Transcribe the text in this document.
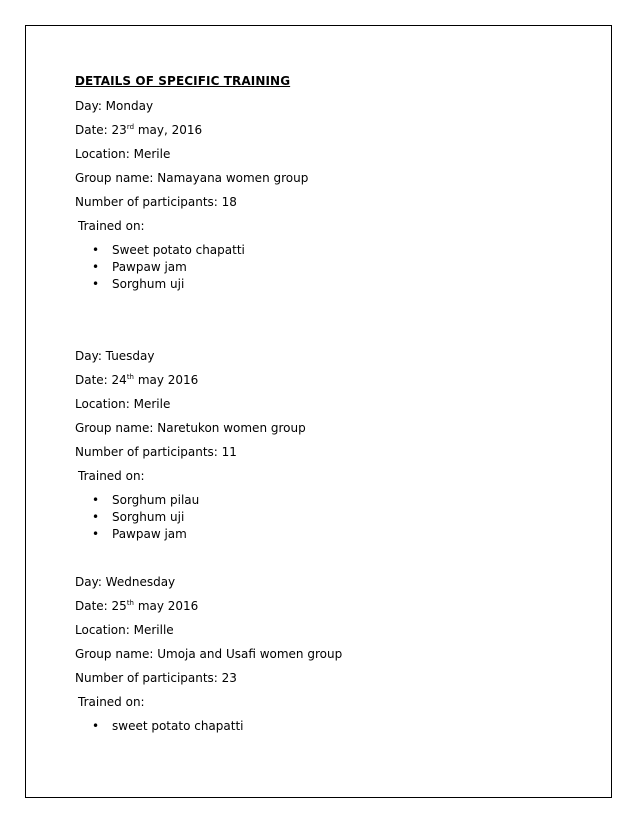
DETAILS OF SPECIFIC TRAINING
Day: Monday
Date: 23rd may, 2016
Location: Merile
Group name: Namayana women group
Number of participants: 18
Trained on:
• Sweet potato chapatti
• Pawpaw jam
• Sorghum uji
Day: Tuesday
Date: 24th may 2016
Location: Merile
Group name: Naretukon women group
Number of participants: 11
Trained on:
• Sorghum pilau
• Sorghum uji
• Pawpaw jam
Day: Wednesday
Date: 25th may 2016
Location: Merille
Group name: Umoja and Usafi women group
Number of participants: 23
Trained on:
• sweet potato chapatti
